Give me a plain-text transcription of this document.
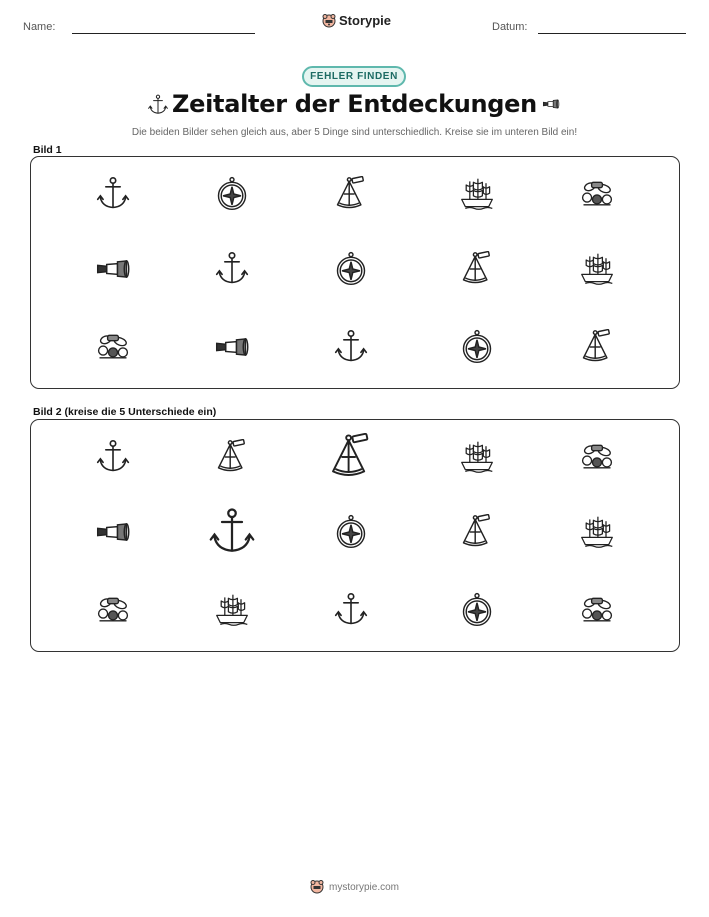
Name:	Storypie	Datum:
FEHLER FINDEN
Zeitalter der Entdeckungen
Die beiden Bilder sehen gleich aus, aber 5 Dinge sind unterschiedlich. Kreise sie im unteren Bild ein!
Bild 1
Bild 2 (kreise die 5 Unterschiede ein)
mystorypie.com
